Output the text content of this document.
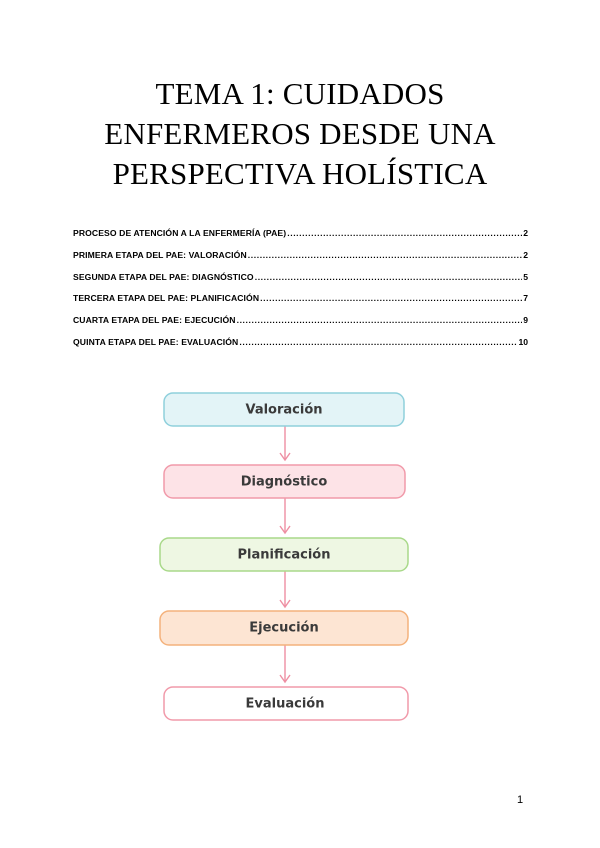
TEMA 1: CUIDADOS
ENFERMEROS DESDE UNA
PERSPECTIVA HOLÍSTICA
PROCESO DE ATENCIÓN A LA ENFERMERÍA (PAE) .....	2
PRIMERA ETAPA DEL PAE: VALORACIÓN .....	2
SEGUNDA ETAPA DEL PAE: DIAGNÓSTICO .....	5
TERCERA ETAPA DEL PAE: PLANIFICACIÓN .....	7
CUARTA ETAPA DEL PAE: EJECUCIÓN .....	9
QUINTA ETAPA DEL PAE: EVALUACIÓN .....	10
Valoración
Diagnóstico
Planificación
Ejecución
Evaluación
1
